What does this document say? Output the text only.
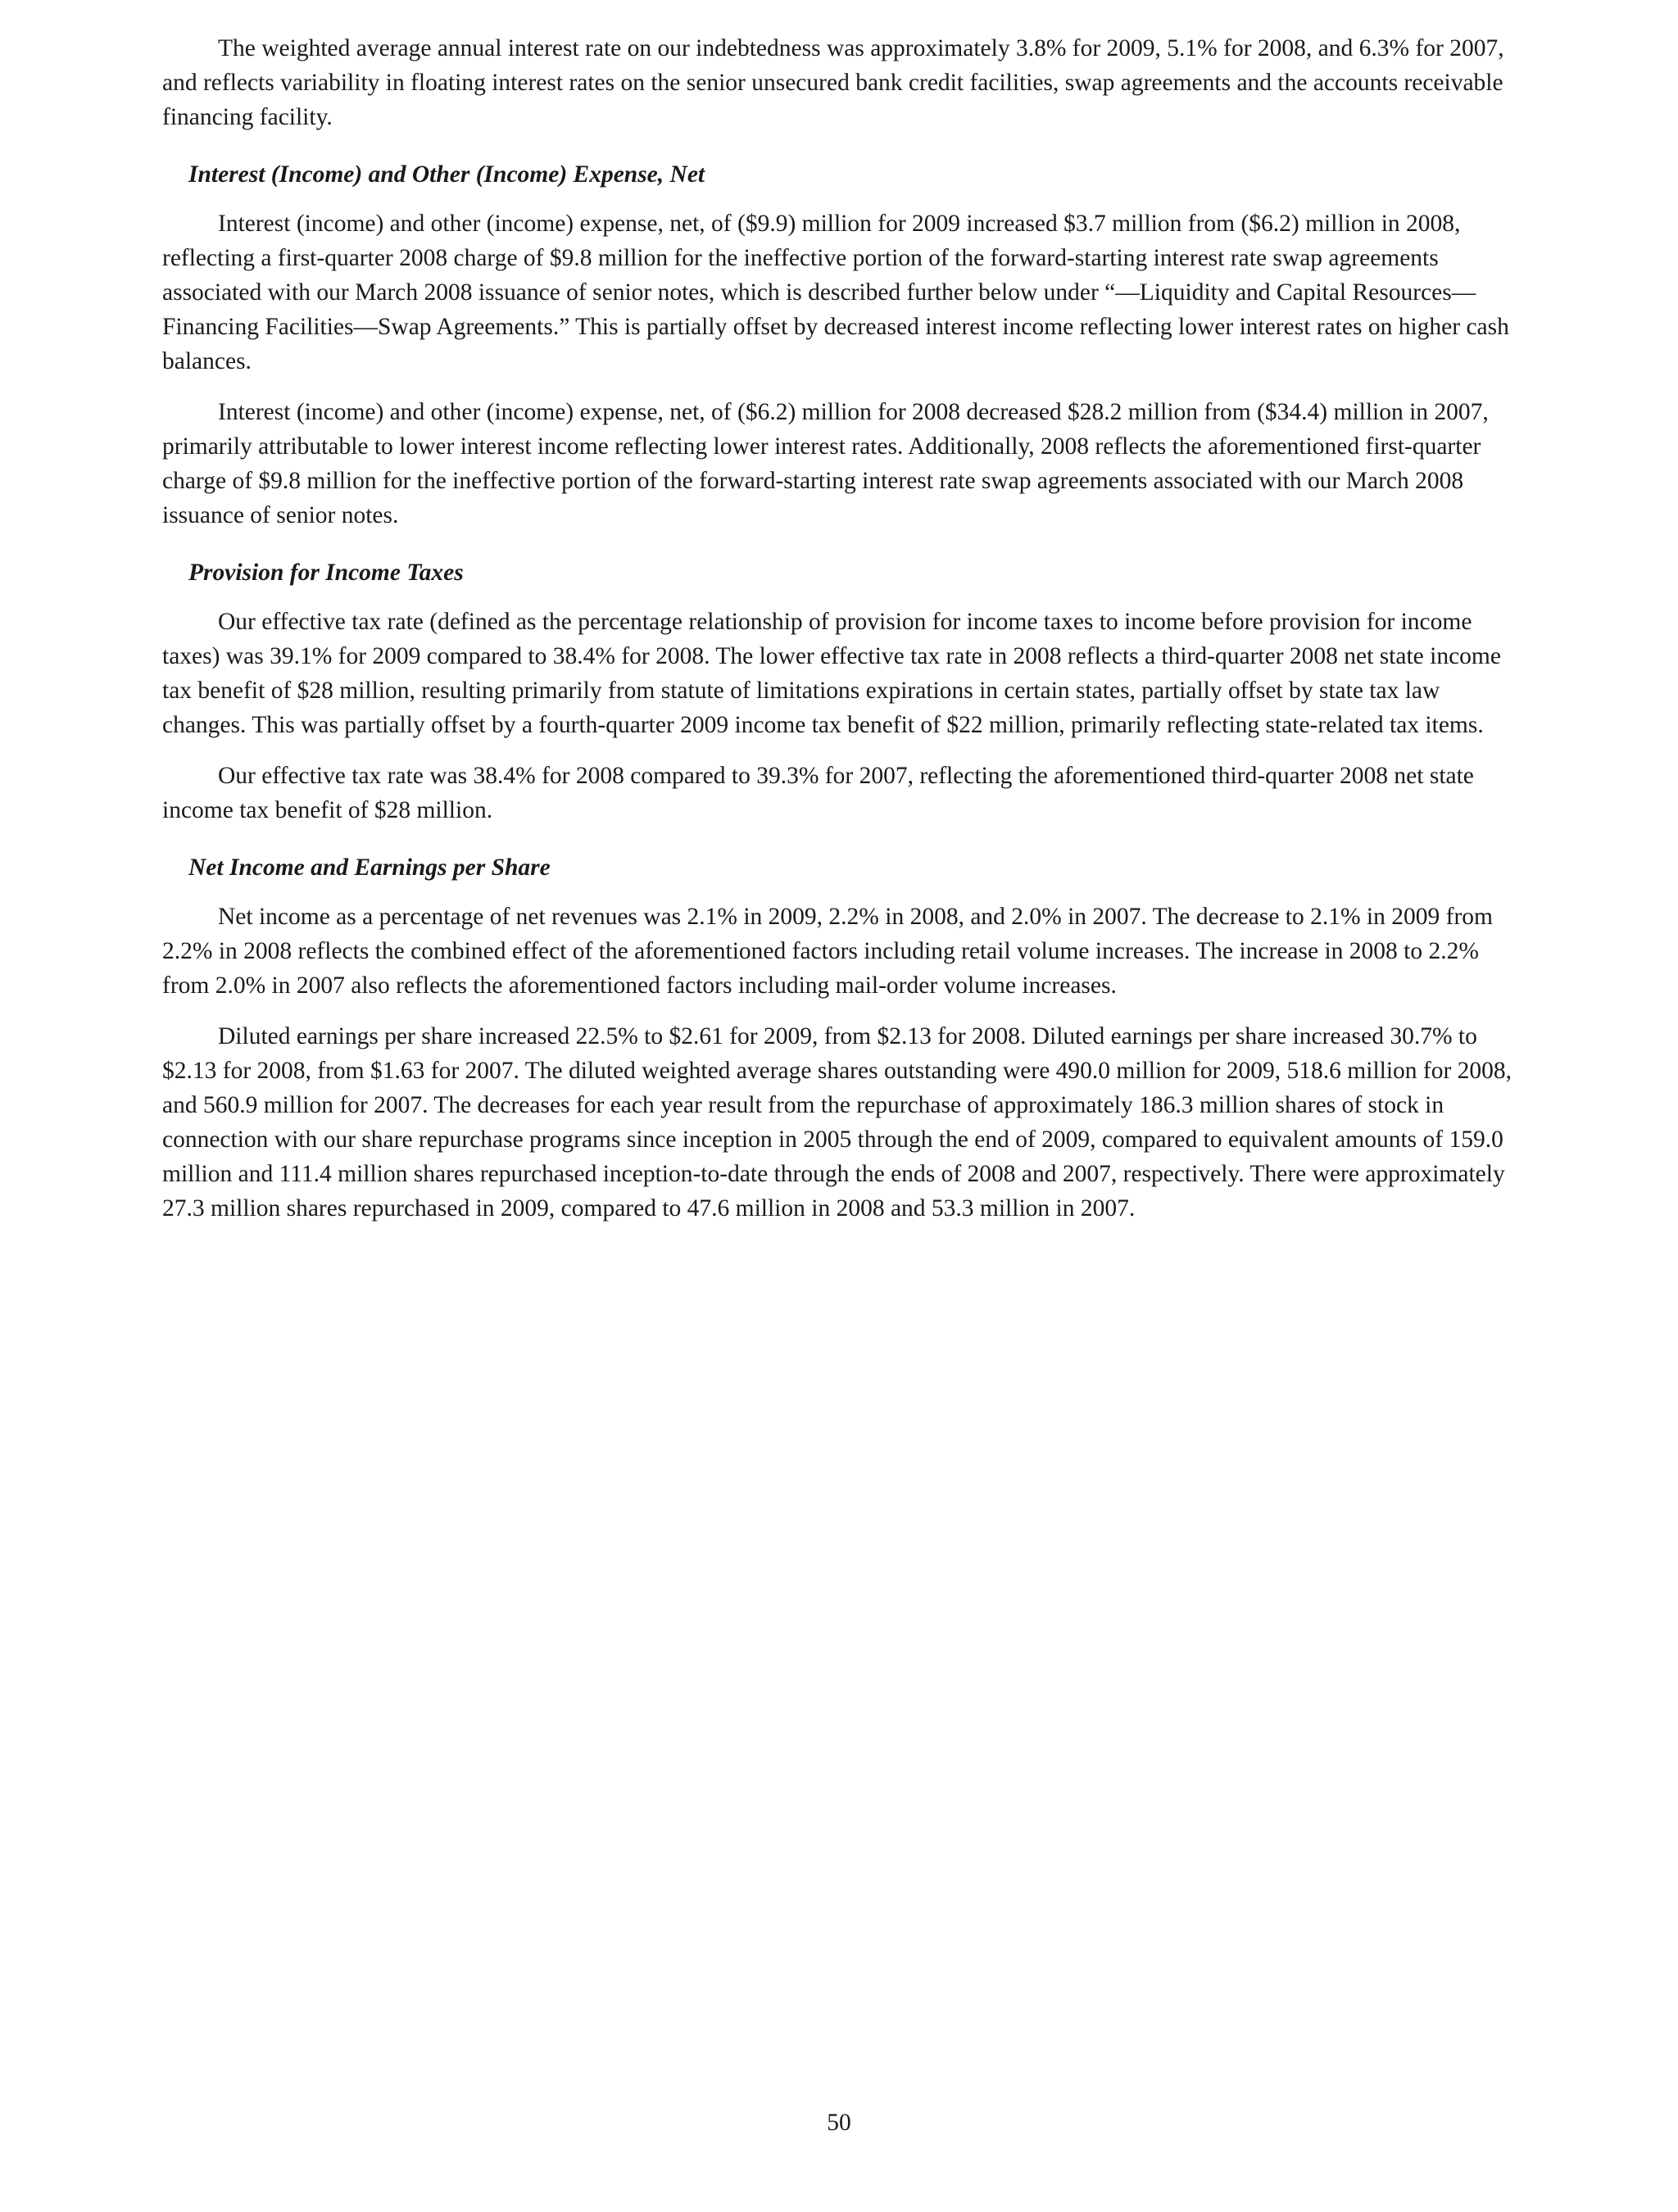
The weighted average annual interest rate on our indebtedness was approximately 3.8% for 2009, 5.1% for 2008, and 6.3% for 2007, and reflects variability in floating interest rates on the senior unsecured bank credit facilities, swap agreements and the accounts receivable financing facility.

Interest (Income) and Other (Income) Expense, Net

Interest (income) and other (income) expense, net, of ($9.9) million for 2009 increased $3.7 million from ($6.2) million in 2008, reflecting a first-quarter 2008 charge of $9.8 million for the ineffective portion of the forward-starting interest rate swap agreements associated with our March 2008 issuance of senior notes, which is described further below under “—Liquidity and Capital Resources—Financing Facilities—Swap Agreements.” This is partially offset by decreased interest income reflecting lower interest rates on higher cash balances.

Interest (income) and other (income) expense, net, of ($6.2) million for 2008 decreased $28.2 million from ($34.4) million in 2007, primarily attributable to lower interest income reflecting lower interest rates. Additionally, 2008 reflects the aforementioned first-quarter charge of $9.8 million for the ineffective portion of the forward-starting interest rate swap agreements associated with our March 2008 issuance of senior notes.

Provision for Income Taxes

Our effective tax rate (defined as the percentage relationship of provision for income taxes to income before provision for income taxes) was 39.1% for 2009 compared to 38.4% for 2008. The lower effective tax rate in 2008 reflects a third-quarter 2008 net state income tax benefit of $28 million, resulting primarily from statute of limitations expirations in certain states, partially offset by state tax law changes. This was partially offset by a fourth-quarter 2009 income tax benefit of $22 million, primarily reflecting state-related tax items.

Our effective tax rate was 38.4% for 2008 compared to 39.3% for 2007, reflecting the aforementioned third-quarter 2008 net state income tax benefit of $28 million.

Net Income and Earnings per Share

Net income as a percentage of net revenues was 2.1% in 2009, 2.2% in 2008, and 2.0% in 2007. The decrease to 2.1% in 2009 from 2.2% in 2008 reflects the combined effect of the aforementioned factors including retail volume increases. The increase in 2008 to 2.2% from 2.0% in 2007 also reflects the aforementioned factors including mail-order volume increases.

Diluted earnings per share increased 22.5% to $2.61 for 2009, from $2.13 for 2008. Diluted earnings per share increased 30.7% to $2.13 for 2008, from $1.63 for 2007. The diluted weighted average shares outstanding were 490.0 million for 2009, 518.6 million for 2008, and 560.9 million for 2007. The decreases for each year result from the repurchase of approximately 186.3 million shares of stock in connection with our share repurchase programs since inception in 2005 through the end of 2009, compared to equivalent amounts of 159.0 million and 111.4 million shares repurchased inception-to-date through the ends of 2008 and 2007, respectively. There were approximately 27.3 million shares repurchased in 2009, compared to 47.6 million in 2008 and 53.3 million in 2007.

50
